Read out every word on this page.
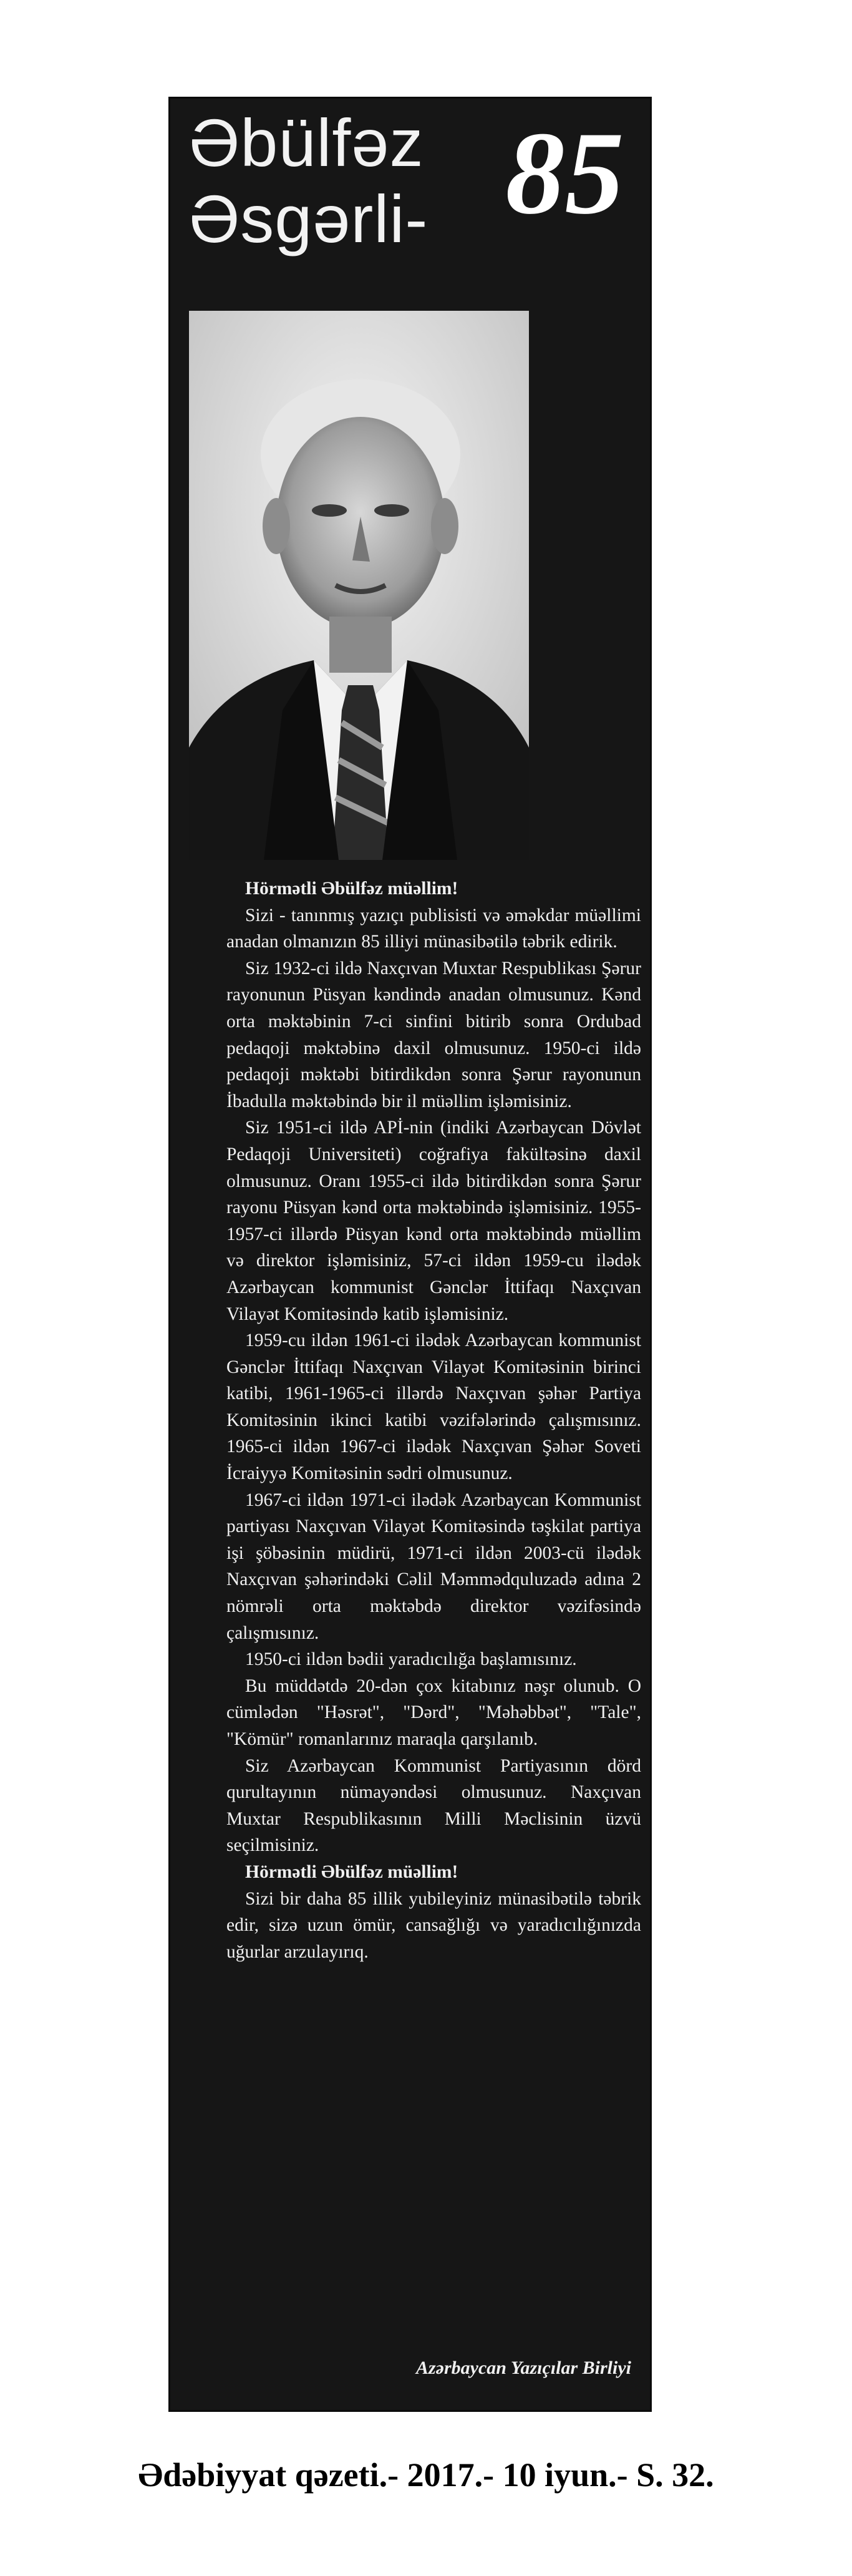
Əbülfəz
Əsgərli- 85

Hörmətli Əbülfəz müəllim!

Sizi - tanınmış yazıçı publisisti və əməkdar müəllimi anadan olmanızın 85 illiyi münasibətilə təbrik edirik.

Siz 1932-ci ildə Naxçıvan Muxtar Respublikası Şərur rayonunun Püsyan kəndində anadan olmusunuz. Kənd orta məktəbinin 7-ci sinfini bitirib sonra Ordubad pedaqoji məktəbinə daxil olmusunuz. 1950-ci ildə pedaqoji məktəbi bitirdikdən sonra Şərur rayonunun İbadulla məktəbində bir il müəllim işləmisiniz.

Siz 1951-ci ildə APİ-nin (indiki Azərbaycan Dövlət Pedaqoji Universiteti) coğrafiya fakültəsinə daxil olmusunuz. Oranı 1955-ci ildə bitirdikdən sonra Şərur rayonu Püsyan kənd orta məktəbində işləmisiniz. 1955-1957-ci illərdə Püsyan kənd orta məktəbində müəllim və direktor işləmisiniz, 57-ci ildən 1959-cu ilədək Azərbaycan kommunist Gənclər İttifaqı Naxçıvan Vilayət Komitəsində katib işləmisiniz.

1959-cu ildən 1961-ci ilədək Azərbaycan kommunist Gənclər İttifaqı Naxçıvan Vilayət Komitəsinin birinci katibi, 1961-1965-ci illərdə Naxçıvan şəhər Partiya Komitəsinin ikinci katibi vəzifələrində çalışmısınız. 1965-ci ildən 1967-ci ilədək Naxçıvan Şəhər Soveti İcraiyyə Komitəsinin sədri olmusunuz.

1967-ci ildən 1971-ci ilədək Azərbaycan Kommunist partiyası Naxçıvan Vilayət Komitəsində təşkilat partiya işi şöbəsinin müdirü, 1971-ci ildən 2003-cü ilədək Naxçıvan şəhərindəki Cəlil Məmmədquluzadə adına 2 nömrəli orta məktəbdə direktor vəzifəsində çalışmısınız.

1950-ci ildən bədii yaradıcılığa başlamısınız.

Bu müddətdə 20-dən çox kitabınız nəşr olunub. O cümlədən "Həsrət", "Dərd", "Məhəbbət", "Tale", "Kömür" romanlarınız maraqla qarşılanıb.

Siz Azərbaycan Kommunist Partiyasının dörd qurultayının nümayəndəsi olmusunuz. Naxçıvan Muxtar Respublikasının Milli Məclisinin üzvü seçilmisiniz.

Hörmətli Əbülfəz müəllim!

Sizi bir daha 85 illik yubileyiniz münasibətilə təbrik edir, sizə uzun ömür, cansağlığı və yaradıcılığınızda uğurlar arzulayırıq.

Azərbaycan Yazıçılar Birliyi
Ədəbiyyat qəzeti.- 2017.- 10 iyun.- S. 32.
